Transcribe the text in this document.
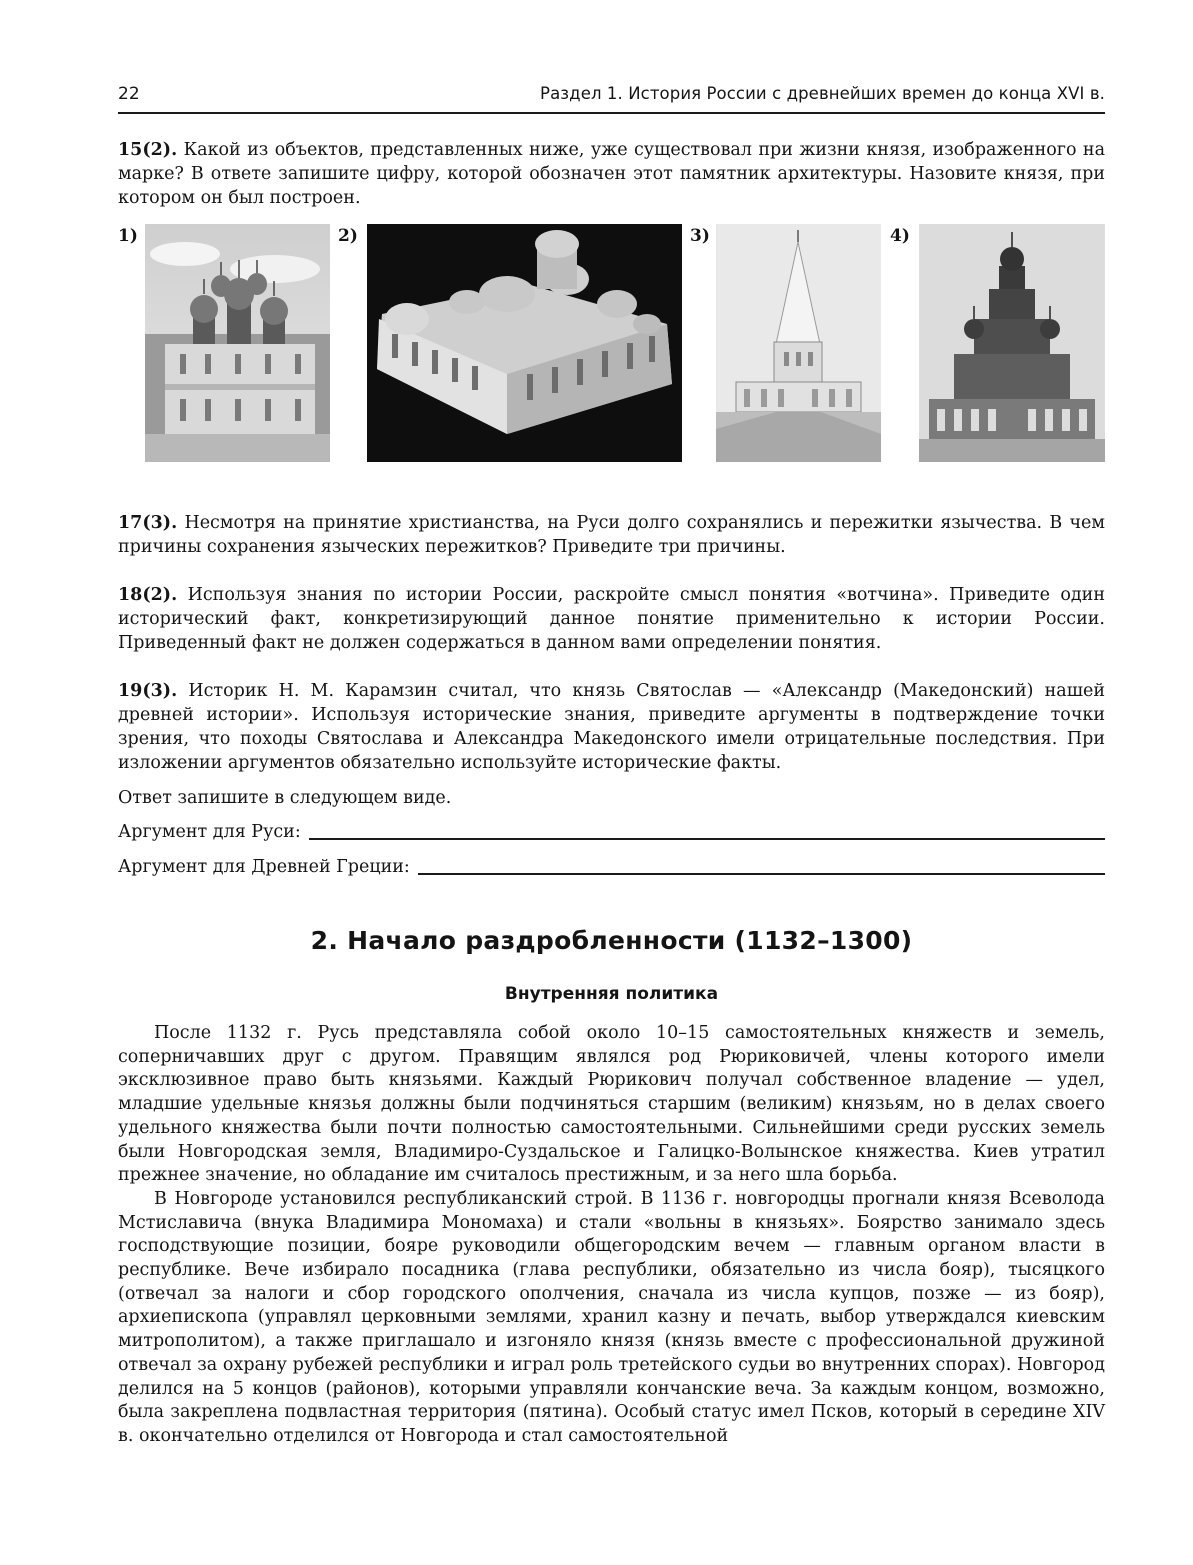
22	Раздел 1. История России с древнейших времен до конца XVI в.
15(2). Какой из объектов, представленных ниже, уже существовал при жизни князя, изображенного на марке? В ответе запишите цифру, которой обозначен этот памятник архитектуры. Назовите князя, при котором он был построен.
1)	2)	3)	4)
17(3). Несмотря на принятие христианства, на Руси долго сохранялись и пережитки язычества. В чем причины сохранения языческих пережитков? Приведите три причины.
18(2). Используя знания по истории России, раскройте смысл понятия «вотчина». Приведите один исторический факт, конкретизирующий данное понятие применительно к истории России. Приведенный факт не должен содержаться в данном вами определении понятия.
19(3). Историк Н. М. Карамзин считал, что князь Святослав — «Александр (Македонский) нашей древней истории». Используя исторические знания, приведите аргументы в подтверждение точки зрения, что походы Святослава и Александра Македонского имели отрицательные последствия. При изложении аргументов обязательно используйте исторические факты.
Ответ запишите в следующем виде.
Аргумент для Руси:
Аргумент для Древней Греции:
2. Начало раздробленности (1132–1300)
Внутренняя политика

После 1132 г. Русь представляла собой около 10–15 самостоятельных княжеств и земель, соперничавших друг с другом. Правящим являлся род Рюриковичей, члены которого имели эксклюзивное право быть князьями. Каждый Рюрикович получал собственное владение — удел, младшие удельные князья должны были подчиняться старшим (великим) князьям, но в делах своего удельного княжества были почти полностью самостоятельными. Сильнейшими среди русских земель были Новгородская земля, Владимиро-Суздальское и Галицко-Волынское княжества. Киев утратил прежнее значение, но обладание им считалось престижным, и за него шла борьба.

В Новгороде установился республиканский строй. В 1136 г. новгородцы прогнали князя Всеволода Мстиславича (внука Владимира Мономаха) и стали «вольны в князьях». Боярство занимало здесь господствующие позиции, бояре руководили общегородским вечем — главным органом власти в республике. Вече избирало посадника (глава республики, обязательно из числа бояр), тысяцкого (отвечал за налоги и сбор городского ополчения, сначала из числа купцов, позже — из бояр), архиепископа (управлял церковными землями, хранил казну и печать, выбор утверждался киевским митрополитом), а также приглашало и изгоняло князя (князь вместе с профессиональной дружиной отвечал за охрану рубежей республики и играл роль третейского судьи во внутренних спорах). Новгород делился на 5 концов (районов), которыми управляли кончанские веча. За каждым концом, возможно, была закреплена подвластная территория (пятина). Особый статус имел Псков, который в середине XIV в. окончательно отделился от Новгорода и стал самостоятельной
